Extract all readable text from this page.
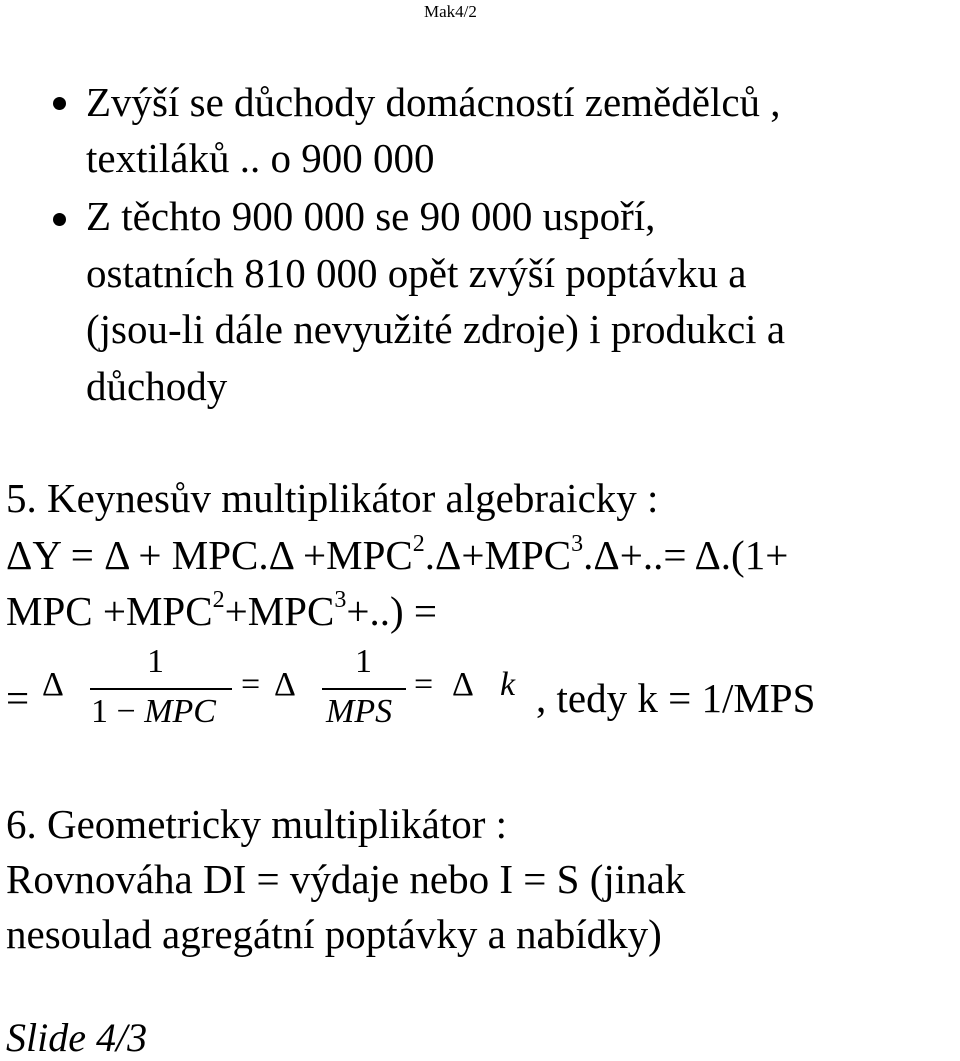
Mak4/2
Zvýší se důchody domácností zemědělců ,
textiláků .. o 900 000
Z těchto 900 000 se 90 000 uspoří,
ostatních 810 000 opět zvýší poptávku a
(jsou-li dále nevyužité zdroje) i produkci a
důchody
5. Keynesův multiplikátor algebraicky :
$\Delta Y = \Delta + MPC.\Delta +MPC^2.\Delta+MPC^3.\Delta+..= \Delta.(1+$
MPC $+MPC^2+MPC^3+$..) =
= Δ
1
1 − MPC
= Δ
1
MPS
= Δ k , tedy k = 1/MPS
6. Geometricky multiplikátor :
Rovnováha DI = výdaje nebo I = S (jinak
nesoulad agregátní poptávky a nabídky)
Slide 4/3
